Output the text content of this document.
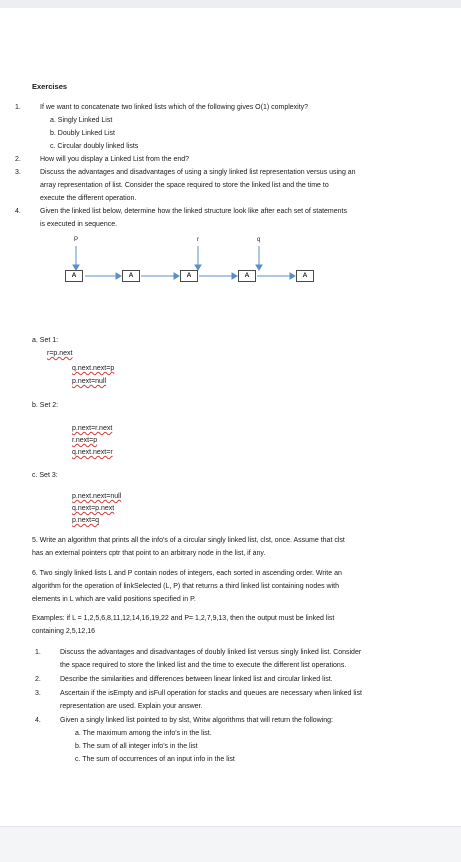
Exercises
1.	If we want to concatenate two linked lists which of the following gives O(1) complexity?
a. Singly Linked List
b. Doubly Linked List
c. Circular doubly linked lists
2.	How will you display a Linked List from the end?
3.	Discuss the advantages and disadvantages of using a singly linked list representation versus using an
array representation of list. Consider the space required to store the linked list and the time to
execute the different operation.
4.	Given the linked list below, determine how the linked structure look like after each set of statements
is executed in sequence.
P	r	q
A	A	A	A	A
a. Set 1:
r=p.next
q.next.next=p
p.next=null
b. Set 2:
p.next=r.next
r.next=p
q.next.next=r
c. Set 3:
p.next.next=null
q.next=p.next
p.next=q
5. Write an algorithm that prints all the info's of a circular singly linked list, clst, once. Assume that clst
has an external pointers cptr that point to an arbitrary node in the list, if any.
6. Two singly linked lists L and P contain nodes of integers, each sorted in ascending order. Write an
algorithm for the operation of linkSelected (L, P) that returns a third linked list containing nodes with
elements in L which are valid positions specified in P.
Examples: if L = 1,2,5,6,8,11,12,14,16,19,22 and P= 1,2,7,9,13, then the output must be linked list
containing 2,5,12,16
1.	Discuss the advantages and disadvantages of doubly linked list versus singly linked list. Consider
the space required to store the linked list and the time to execute the different list operations.
2.	Describe the similarities and differences between linear linked list and circular linked list.
3.	Ascertain if the isEmpty and isFull operation for stacks and queues are necessary when linked list
representation are used. Explain your answer.
4.	Given a singly linked list pointed to by slst, Writw algorithms that will return the following:
a. The maximum among the info's in the list.
b. The sum of all integer info's in the list
c. The sum of occurrences of an input info in the list
